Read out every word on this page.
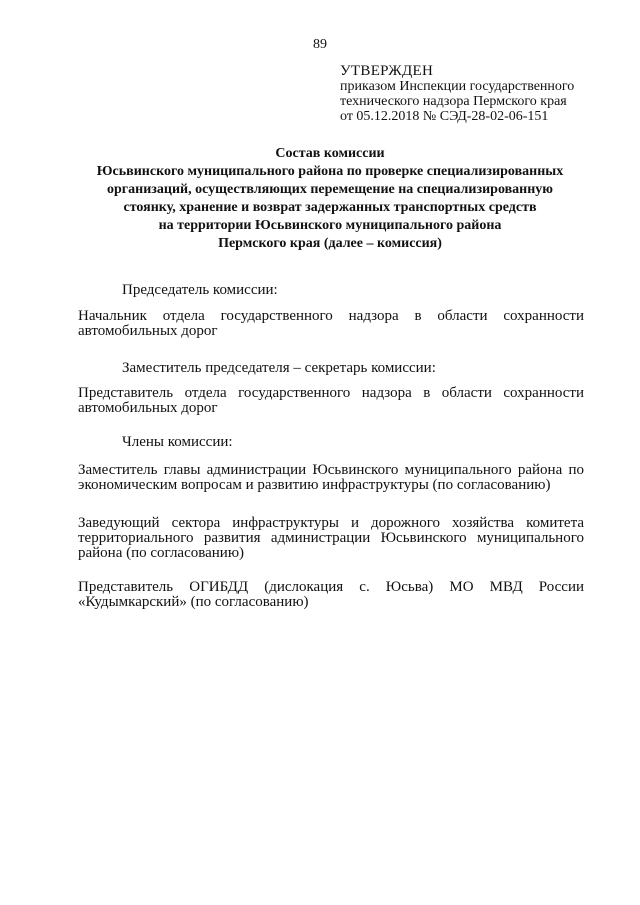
89
УТВЕРЖДЕН
приказом Инспекции государственного
технического надзора Пермского края
от 05.12.2018 № СЭД-28-02-06-151
Состав комиссии
Юсьвинского муниципального района по проверке специализированных
организаций, осуществляющих перемещение на специализированную
стоянку, хранение и возврат задержанных транспортных средств
на территории Юсьвинского муниципального района
Пермского края (далее – комиссия)
Председатель комиссии:
Начальник отдела государственного надзора в области сохранности
автомобильных дорог
Заместитель председателя – секретарь комиссии:
Представитель отдела государственного надзора в области сохранности
автомобильных дорог
Члены комиссии:
Заместитель главы администрации Юсьвинского муниципального района по
экономическим вопросам и развитию инфраструктуры (по согласованию)
Заведующий сектора инфраструктуры и дорожного хозяйства комитета
территориального развития администрации Юсьвинского муниципального
района (по согласованию)
Представитель ОГИБДД (дислокация с. Юсьва) МО МВД России
«Кудымкарский» (по согласованию)
